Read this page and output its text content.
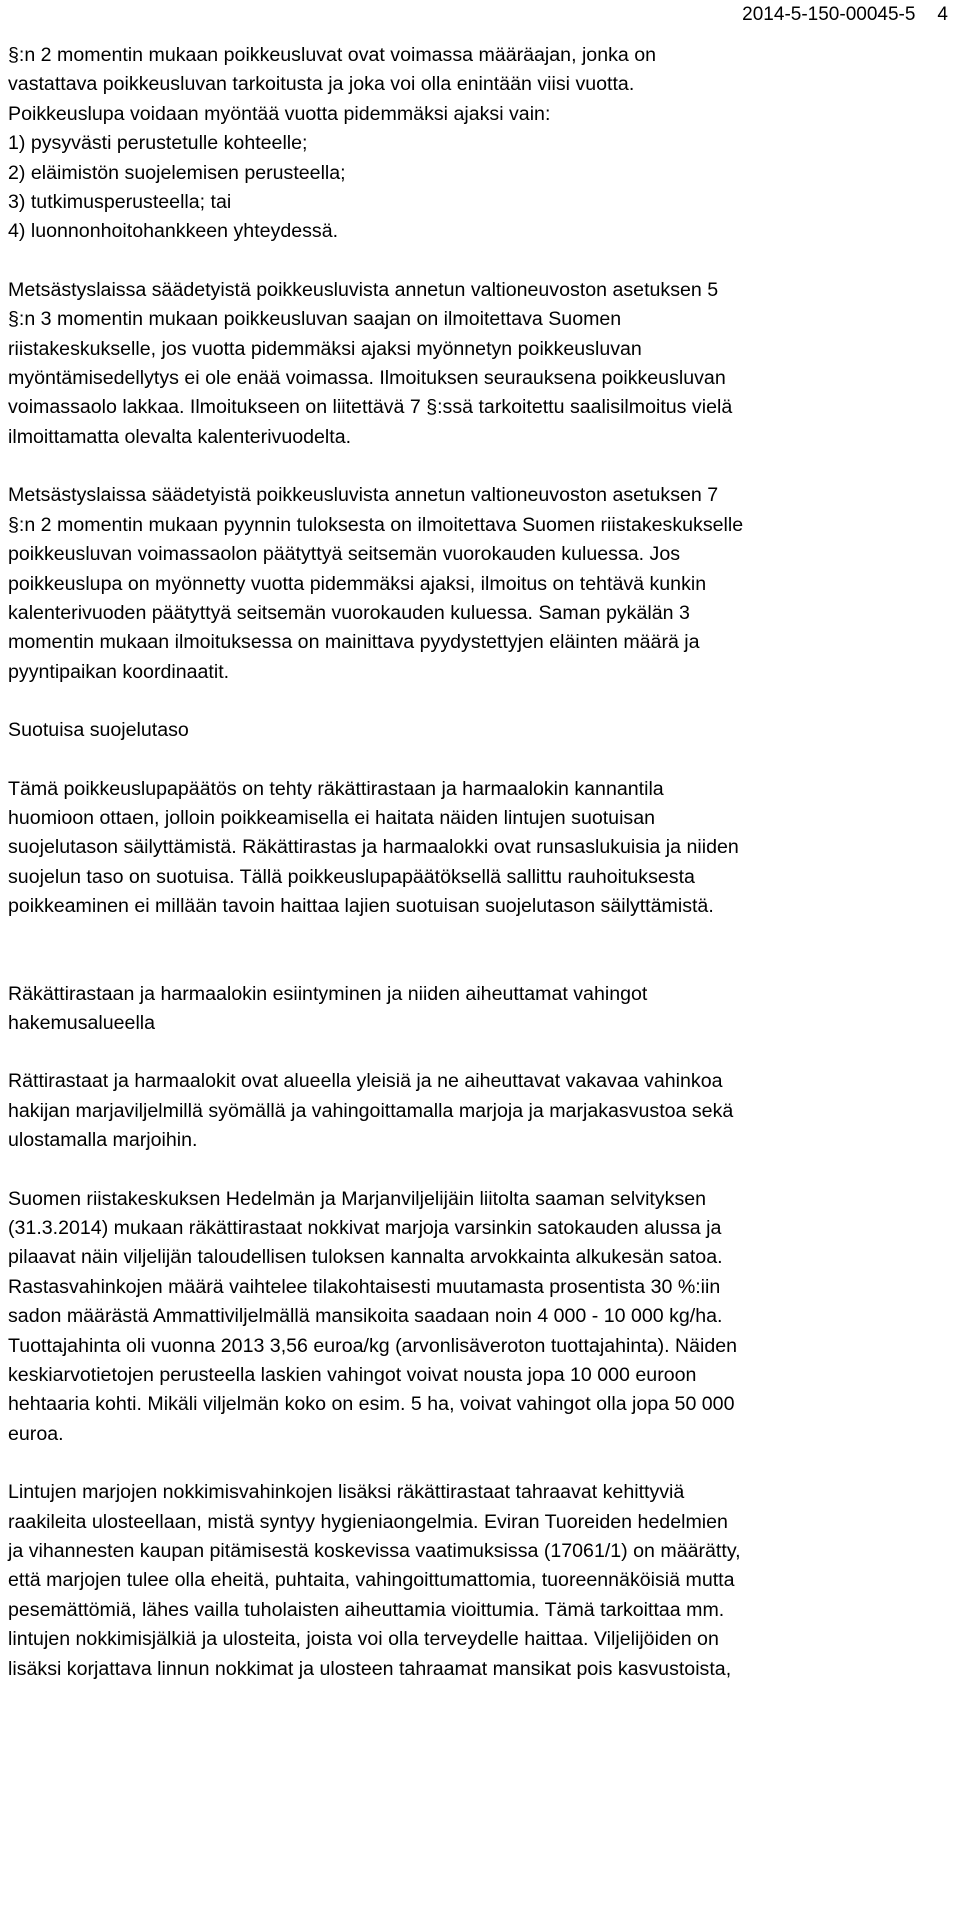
2014-5-150-00045-5 4

§:n 2 momentin mukaan poikkeusluvat ovat voimassa määräajan, jonka on
vastattava poikkeusluvan tarkoitusta ja joka voi olla enintään viisi vuotta.
Poikkeuslupa voidaan myöntää vuotta pidemmäksi ajaksi vain:
1) pysyvästi perustetulle kohteelle;
2) eläimistön suojelemisen perusteella;
3) tutkimusperusteella; tai
4) luonnonhoitohankkeen yhteydessä.

Metsästyslaissa säädetyistä poikkeusluvista annetun valtioneuvoston asetuksen 5
§:n 3 momentin mukaan poikkeusluvan saajan on ilmoitettava Suomen
riistakeskukselle, jos vuotta pidemmäksi ajaksi myönnetyn poikkeusluvan
myöntämisedellytys ei ole enää voimassa. Ilmoituksen seurauksena poikkeusluvan
voimassaolo lakkaa. Ilmoitukseen on liitettävä 7 §:ssä tarkoitettu saalisilmoitus vielä
ilmoittamatta olevalta kalenterivuodelta.

Metsästyslaissa säädetyistä poikkeusluvista annetun valtioneuvoston asetuksen 7
§:n 2 momentin mukaan pyynnin tuloksesta on ilmoitettava Suomen riistakeskukselle
poikkeusluvan voimassaolon päätyttyä seitsemän vuorokauden kuluessa. Jos
poikkeuslupa on myönnetty vuotta pidemmäksi ajaksi, ilmoitus on tehtävä kunkin
kalenterivuoden päätyttyä seitsemän vuorokauden kuluessa. Saman pykälän 3
momentin mukaan ilmoituksessa on mainittava pyydystettyjen eläinten määrä ja
pyyntipaikan koordinaatit.

Suotuisa suojelutaso

Tämä poikkeuslupapäätös on tehty räkättirastaan ja harmaalokin kannantila
huomioon ottaen, jolloin poikkeamisella ei haitata näiden lintujen suotuisan
suojelutason säilyttämistä. Räkättirastas ja harmaalokki ovat runsaslukuisia ja niiden
suojelun taso on suotuisa. Tällä poikkeuslupapäätöksellä sallittu rauhoituksesta
poikkeaminen ei millään tavoin haittaa lajien suotuisan suojelutason säilyttämistä.

Räkättirastaan ja harmaalokin esiintyminen ja niiden aiheuttamat vahingot
hakemusalueella

Rättirastaat ja harmaalokit ovat alueella yleisiä ja ne aiheuttavat vakavaa vahinkoa
hakijan marjaviljelmillä syömällä ja vahingoittamalla marjoja ja marjakasvustoa sekä
ulostamalla marjoihin.

Suomen riistakeskuksen Hedelmän ja Marjanviljelijäin liitolta saaman selvityksen
(31.3.2014) mukaan räkättirastaat nokkivat marjoja varsinkin satokauden alussa ja
pilaavat näin viljelijän taloudellisen tuloksen kannalta arvokkainta alkukesän satoa.
Rastasvahinkojen määrä vaihtelee tilakohtaisesti muutamasta prosentista 30 %:iin
sadon määrästä Ammattiviljelmällä mansikoita saadaan noin 4 000 - 10 000 kg/ha.
Tuottajahinta oli vuonna 2013 3,56 euroa/kg (arvonlisäveroton tuottajahinta). Näiden
keskiarvotietojen perusteella laskien vahingot voivat nousta jopa 10 000 euroon
hehtaaria kohti. Mikäli viljelmän koko on esim. 5 ha, voivat vahingot olla jopa 50 000
euroa.

Lintujen marjojen nokkimisvahinkojen lisäksi räkättirastaat tahraavat kehittyviä
raakileita ulosteellaan, mistä syntyy hygieniaongelmia. Eviran Tuoreiden hedelmien
ja vihannesten kaupan pitämisestä koskevissa vaatimuksissa (17061/1) on määrätty,
että marjojen tulee olla eheitä, puhtaita, vahingoittumattomia, tuoreennäköisiä mutta
pesemättömiä, lähes vailla tuholaisten aiheuttamia vioittumia. Tämä tarkoittaa mm.
lintujen nokkimisjälkiä ja ulosteita, joista voi olla terveydelle haittaa. Viljelijöiden on
lisäksi korjattava linnun nokkimat ja ulosteen tahraamat mansikat pois kasvustoista,
